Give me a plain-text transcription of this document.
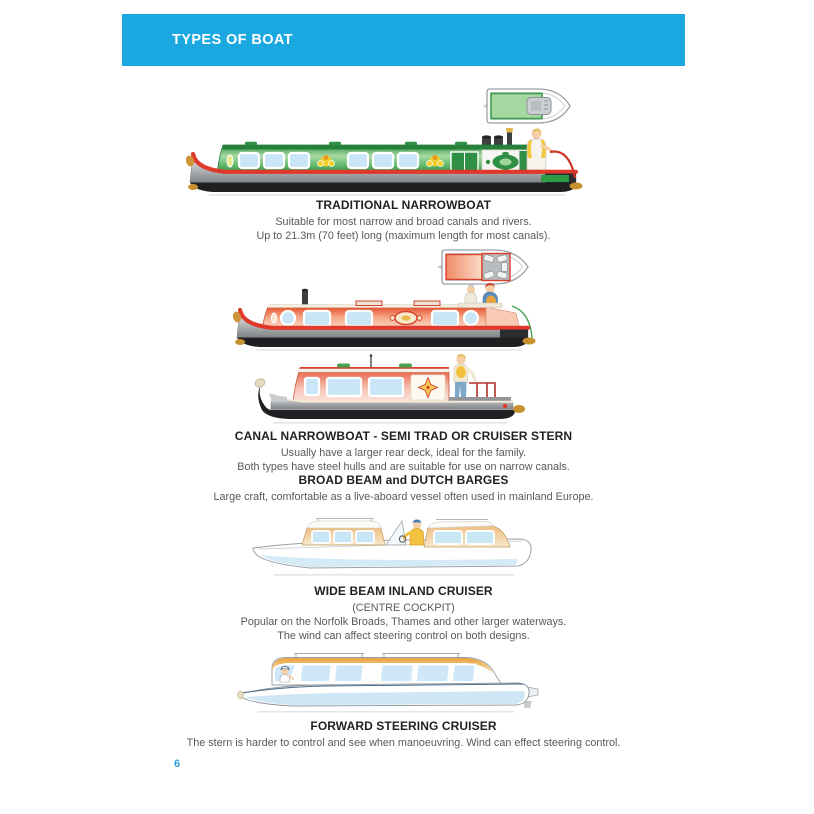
TYPES OF BOAT
TRADITIONAL NARROWBOAT

Suitable for most narrow and broad canals and rivers.

Up to 21.3m (70 feet) long (maximum length for most canals).

CANAL NARROWBOAT - SEMI TRAD OR CRUISER STERN

Usually have a larger rear deck, ideal for the family.

Both types have steel hulls and are suitable for use on narrow canals.

BROAD BEAM and DUTCH BARGES

Large craft, comfortable as a live-aboard vessel often used in mainland Europe.

WIDE BEAM INLAND CRUISER

(CENTRE COCKPIT)

Popular on the Norfolk Broads, Thames and other larger waterways.

The wind can affect steering control on both designs.

FORWARD STEERING CRUISER

The stern is harder to control and see when manoeuvring. Wind can effect steering control.

6
